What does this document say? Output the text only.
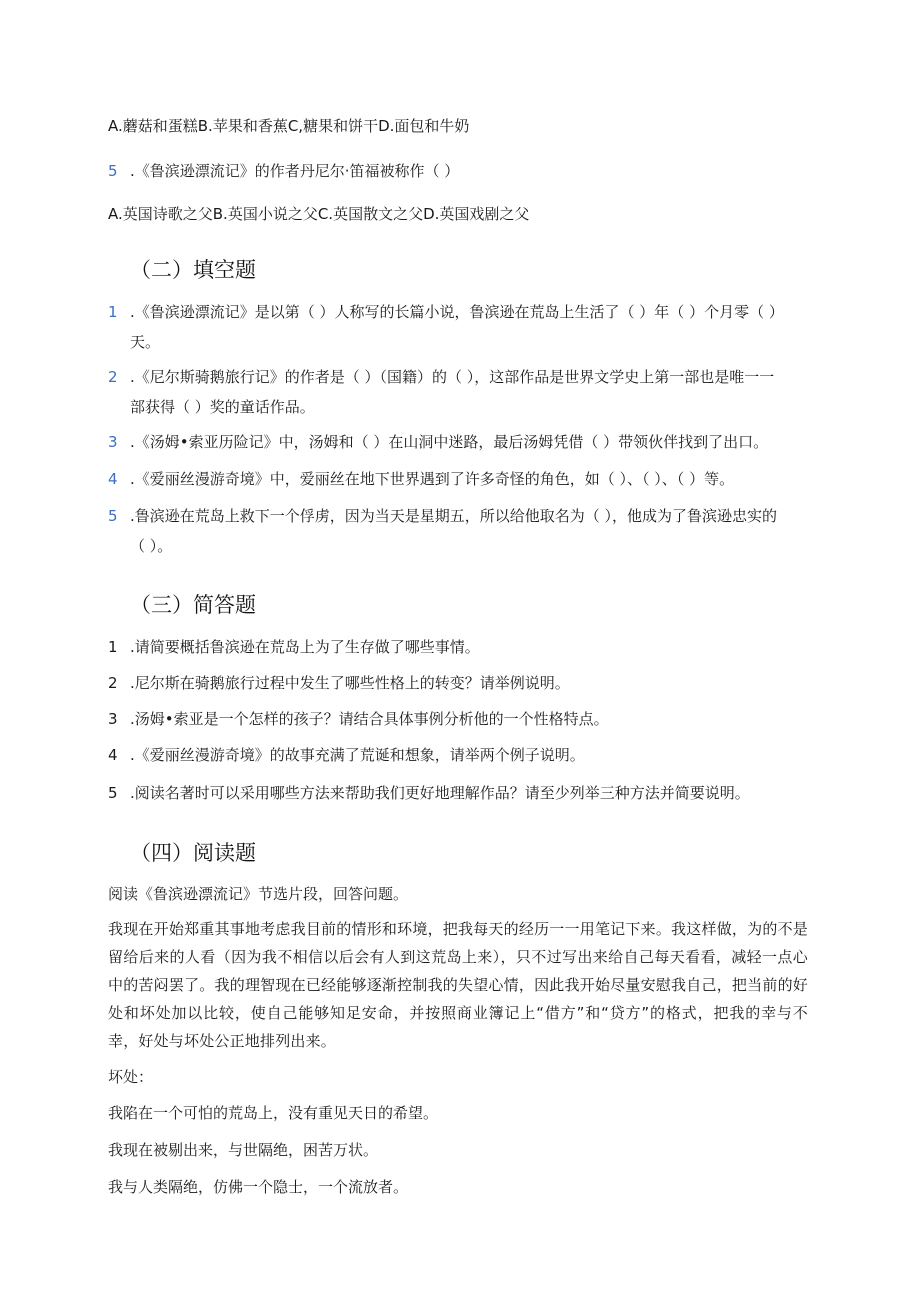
A.蘑菇和蛋糕B.苹果和香蕉C,糖果和饼干D.面包和牛奶
5 .《鲁滨逊漂流记》的作者丹尼尔·笛福被称作（ ）
A.英国诗歌之父B.英国小说之父C.英国散文之父D.英国戏剧之父
（二）填空题
1 .《鲁滨逊漂流记》是以第（ ）人称写的长篇小说，鲁滨逊在荒岛上生活了（ ）年（ ）个月零（ ）
天。
2 .《尼尔斯骑鹅旅行记》的作者是（ ）（国籍）的（ ），这部作品是世界文学史上第一部也是唯一一
部获得（ ）奖的童话作品。
3 .《汤姆•索亚历险记》中，汤姆和（ ）在山洞中迷路，最后汤姆凭借（ ）带领伙伴找到了出口。
4 .《爱丽丝漫游奇境》中，爱丽丝在地下世界遇到了许多奇怪的角色，如（ ）、（ ）、（ ）等。
5 .鲁滨逊在荒岛上救下一个俘虏，因为当天是星期五，所以给他取名为（ ），他成为了鲁滨逊忠实的
（ ）。
（三）简答题
1 .请简要概括鲁滨逊在荒岛上为了生存做了哪些事情。
2 .尼尔斯在骑鹅旅行过程中发生了哪些性格上的转变？请举例说明。
3 .汤姆•索亚是一个怎样的孩子？请结合具体事例分析他的一个性格特点。
4 .《爱丽丝漫游奇境》的故事充满了荒诞和想象，请举两个例子说明。
5 .阅读名著时可以采用哪些方法来帮助我们更好地理解作品？请至少列举三种方法并简要说明。
（四）阅读题
阅读《鲁滨逊漂流记》节选片段，回答问题。
我现在开始郑重其事地考虑我目前的情形和环境，把我每天的经历一一用笔记下来。我这样做，为的不是留给后来的人看（因为我不相信以后会有人到这荒岛上来），只不过写出来给自己每天看看，减轻一点心中的苦闷罢了。我的理智现在已经能够逐渐控制我的失望心情，因此我开始尽量安慰我自己，把当前的好处和坏处加以比较，使自己能够知足安命，并按照商业簿记上“借方”和“贷方”的格式，把我的幸与不幸，好处与坏处公正地排列出来。
坏处：
我陷在一个可怕的荒岛上，没有重见天日的希望。
我现在被剔出来，与世隔绝，困苦万状。
我与人类隔绝，仿佛一个隐士，一个流放者。
